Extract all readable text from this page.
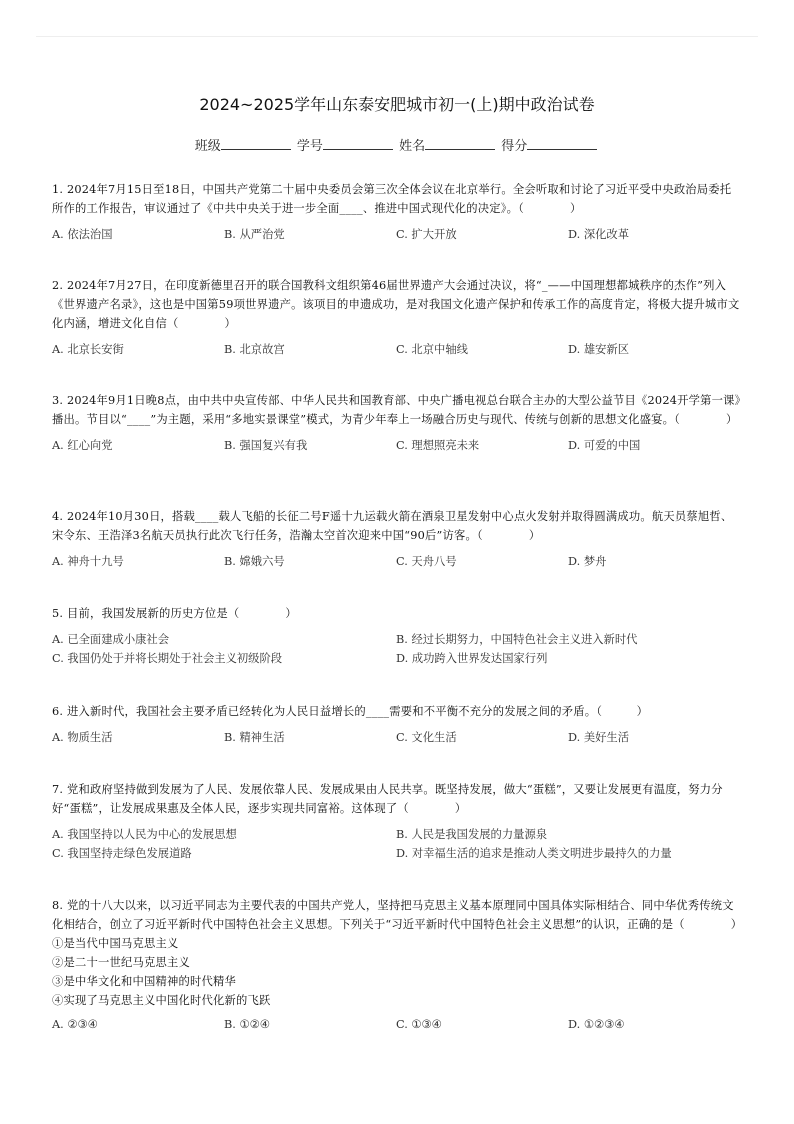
2024~2025学年山东泰安肥城市初一(上)期中政治试卷
班级	学号	姓名	得分
1. 2024年7月15日至18日，中国共产党第二十届中央委员会第三次全体会议在北京举行。全会听取和讨论了习近平受中央政治局委托所作的工作报告，审议通过了《中共中央关于进一步全面____、推进中国式现代化的决定》。（　　　　）
A. 依法治国	B. 从严治党	C. 扩大开放	D. 深化改革
2. 2024年7月27日，在印度新德里召开的联合国教科文组织第46届世界遗产大会通过决议，将“_——中国理想都城秩序的杰作”列入《世界遗产名录》，这也是中国第59项世界遗产。该项目的申遗成功，是对我国文化遗产保护和传承工作的高度肯定，将极大提升城市文化内涵，增进文化自信（　　　　）
A. 北京长安街	B. 北京故宫	C. 北京中轴线	D. 雄安新区
3. 2024年9月1日晚8点，由中共中央宣传部、中华人民共和国教育部、中央广播电视总台联合主办的大型公益节目《2024开学第一课》播出。节目以“____”为主题，采用“多地实景课堂”模式，为青少年奉上一场融合历史与现代、传统与创新的思想文化盛宴。（　　　　）
A. 红心向党	B. 强国复兴有我	C. 理想照亮未来	D. 可爱的中国
4. 2024年10月30日，搭载____载人飞船的长征二号F遥十九运载火箭在酒泉卫星发射中心点火发射并取得圆满成功。航天员蔡旭哲、宋令东、王浩泽3名航天员执行此次飞行任务，浩瀚太空首次迎来中国“90后”访客。（　　　　）
A. 神舟十九号	B. 嫦娥六号	C. 天舟八号	D. 梦舟
5. 目前，我国发展新的历史方位是（　　　　）
A. 已全面建成小康社会	B. 经过长期努力，中国特色社会主义进入新时代
C. 我国仍处于并将长期处于社会主义初级阶段	D. 成功跨入世界发达国家行列
6. 进入新时代，我国社会主要矛盾已经转化为人民日益增长的____需要和不平衡不充分的发展之间的矛盾。（　　　）
A. 物质生活	B. 精神生活	C. 文化生活	D. 美好生活
7. 党和政府坚持做到发展为了人民、发展依靠人民、发展成果由人民共享。既坚持发展，做大“蛋糕”，又要让发展更有温度，努力分好“蛋糕”，让发展成果惠及全体人民，逐步实现共同富裕。这体现了（　　　　）
A. 我国坚持以人民为中心的发展思想	B. 人民是我国发展的力量源泉
C. 我国坚持走绿色发展道路	D. 对幸福生活的追求是推动人类文明进步最持久的力量
8. 党的十八大以来，以习近平同志为主要代表的中国共产党人，坚持把马克思主义基本原理同中国具体实际相结合、同中华优秀传统文化相结合，创立了习近平新时代中国特色社会主义思想。下列关于“习近平新时代中国特色社会主义思想”的认识，正确的是（　　　　）
①是当代中国马克思主义
②是二十一世纪马克思主义
③是中华文化和中国精神的时代精华
④实现了马克思主义中国化时代化新的飞跃
A. ②③④	B. ①②④	C. ①③④	D. ①②③④
